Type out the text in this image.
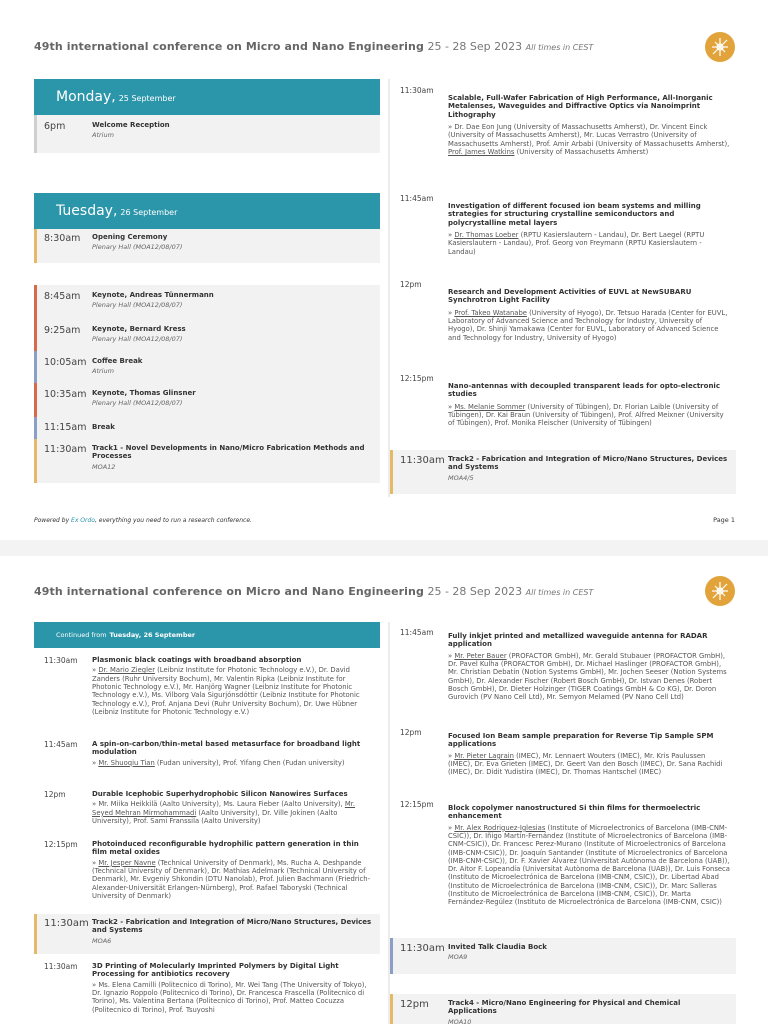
49th international conference on Micro and Nano Engineering 25 - 28 Sep 2023 All times in CEST
Monday, 25 September
6pm	Welcome Reception
Atrium
Tuesday, 26 September
8:30am	Opening Ceremony
Plenary Hall (MOA12/08/07)
8:45am	Keynote, Andreas Tünnermann
Plenary Hall (MOA12/08/07)
9:25am	Keynote, Bernard Kress
Plenary Hall (MOA12/08/07)
10:05am Coffee Break
Atrium
10:35am Keynote, Thomas Glinsner
Plenary Hall (MOA12/08/07)
11:15am Break
11:30am Track1 - Novel Developments in Nano/Micro Fabrication Methods and Processes
MOA12
11:30am
Scalable, Full-Wafer Fabrication of High Performance, All-Inorganic Metalenses, Waveguides and Diffractive Optics via Nanoimprint Lithography
» Dr. Dae Eon Jung (University of Massachusetts Amherst), Dr. Vincent Einck (University of Massachusetts Amherst), Mr. Lucas Verrastro (University of Massachusetts Amherst), Prof. Amir Arbabi (University of Massachusetts Amherst), Prof. James Watkins (University of Massachusetts Amherst)
11:45am
Investigation of different focused ion beam systems and milling strategies for structuring crystalline semiconductors and polycrystalline metal layers
» Dr. Thomas Loeber (RPTU Kasierslautern - Landau), Dr. Bert Laegel (RPTU Kasierslautern - Landau), Prof. Georg von Freymann (RPTU Kasierslautern - Landau)
12pm
Research and Development Activities of EUVL at NewSUBARU Synchrotron Light Facility
» Prof. Takeo Watanabe (University of Hyogo), Dr. Tetsuo Harada (Center for EUVL, Laboratory of Advanced Science and Technology for Industry, University of Hyogo), Dr. Shinji Yamakawa (Center for EUVL, Laboratory of Advanced Science and Technology for Industry, University of Hyogo)
12:15pm
Nano-antennas with decoupled transparent leads for opto-electronic studies
» Ms. Melanie Sommer (University of Tübingen), Dr. Florian Laible (University of Tübingen), Dr. Kai Braun (University of Tübingen), Prof. Alfred Meixner (University of Tübingen), Prof. Monika Fleischer (University of Tübingen)
11:30am Track2 - Fabrication and Integration of Micro/Nano Structures, Devices and Systems
MOA4/5
Powered by Ex Ordo, everything you need to run a research conference.	Page 1
49th international conference on Micro and Nano Engineering 25 - 28 Sep 2023 All times in CEST
Continued from Tuesday, 26 September
11:30am	Plasmonic black coatings with broadband absorption
» Dr. Mario Ziegler (Leibniz Institute for Photonic Technology e.V.), Dr. David Zanders (Ruhr University Bochum), Mr. Valentin Ripka (Leibniz Institute for Photonic Technology e.V.), Mr. Hanjörg Wagner (Leibniz Institute for Photonic Technology e.V.), Ms. Vilborg Vala Sigurjónsdóttir (Leibniz Institute for Photonic Technology e.V.), Prof. Anjana Devi (Ruhr University Bochum), Dr. Uwe Hübner (Leibniz Institute for Photonic Technology e.V.)
11:45am	A spin-on-carbon/thin-metal based metasurface for broadband light modulation
» Mr. Shuoqiu Tian (Fudan university), Prof. Yifang Chen (Fudan university)
12pm	Durable Icephobic Superhydrophobic Silicon Nanowires Surfaces
» Mr. Miika Heikkilä (Aalto University), Ms. Laura Fieber (Aalto University), Mr. Seyed Mehran Mirmohammadi (Aalto University), Dr. Ville Jokinen (Aalto University), Prof. Sami Franssila (Aalto University)
12:15pm	Photoinduced reconfigurable hydrophilic pattern generation in thin film metal oxides
» Mr. Jesper Navne (Technical University of Denmark), Ms. Rucha A. Deshpande (Technical University of Denmark), Dr. Mathias Adelmark (Technical University of Denmark), Mr. Evgeniy Shkondin (DTU Nanolab), Prof. Julien Bachmann (Friedrich-Alexander-Universität Erlangen-Nürnberg), Prof. Rafael Taboryski (Technical University of Denmark)
11:30am Track2 - Fabrication and Integration of Micro/Nano Structures, Devices and Systems
MOA6
11:30am	3D Printing of Molecularly Imprinted Polymers by Digital Light Processing for antibiotics recovery
» Ms. Elena Camilli (Politecnico di Torino), Mr. Wei Tang (The University of Tokyo), Dr. Ignazio Roppolo (Politecnico di Torino), Dr. Francesca Frascella (Politecnico di Torino), Ms. Valentina Bertana (Politecnico di Torino), Prof. Matteo Cocuzza (Politecnico di Torino), Prof. Tsuyoshi
11:45am	Fully inkjet printed and metallized waveguide antenna for RADAR application
» Mr. Peter Bauer (PROFACTOR GmbH), Mr. Gerald Stubauer (PROFACTOR GmbH), Dr. Pavel Kulha (PROFACTOR GmbH), Dr. Michael Haslinger (PROFACTOR GmbH), Mr. Christian Debatin (Notion Systems GmbH), Mr. Jochen Seeser (Notion Systems GmbH), Dr. Alexander Fischer (Robert Bosch GmbH), Dr. Istvan Denes (Robert Bosch GmbH), Dr. Dieter Holzinger (TIGER Coatings GmbH & Co KG), Dr. Doron Gurovich (PV Nano Cell Ltd), Mr. Semyon Melamed (PV Nano Cell Ltd)
12pm	Focused Ion Beam sample preparation for Reverse Tip Sample SPM applications
» Mr. Pieter Lagrain (IMEC), Mr. Lennaert Wouters (IMEC), Mr. Kris Paulussen (IMEC), Dr. Eva Grieten (IMEC), Dr. Geert Van den Bosch (IMEC), Dr. Sana Rachidi (IMEC), Dr. Didit Yudistira (IMEC), Dr. Thomas Hantschel (IMEC)
12:15pm	Block copolymer nanostructured Si thin films for thermoelectric enhancement
» Mr. Alex Rodriguez-Iglesias (Institute of Microelectronics of Barcelona (IMB-CNM-CSIC)), Dr. Iñigo Martín-Fernández (Institute of Microelectronics of Barcelona (IMB-CNM-CSIC)), Dr. Francesc Perez-Murano (Institute of Microelectronics of Barcelona (IMB-CNM-CSIC)), Dr. Joaquín Santander (Institute of Microelectronics of Barcelona (IMB-CNM-CSIC)), Dr. F. Xavier Álvarez (Universitat Autònoma de Barcelona (UAB)), Dr. Aitor F. Lopeandía (Universitat Autònoma de Barcelona (UAB)), Dr. Luis Fonseca (Instituto de Microelectrónica de Barcelona (IMB-CNM, CSIC)), Dr. Libertad Abad (Instituto de Microelectrónica de Barcelona (IMB-CNM, CSIC)), Dr. Marc Salleras (Instituto de Microelectrónica de Barcelona (IMB-CNM, CSIC)), Dr. Marta Fernández-Regúlez (Instituto de Microelectrónica de Barcelona (IMB-CNM, CSIC))
11:30am Invited Talk Claudia Bock
MOA9
12pm	Track4 - Micro/Nano Engineering for Physical and Chemical Applications
MOA10
